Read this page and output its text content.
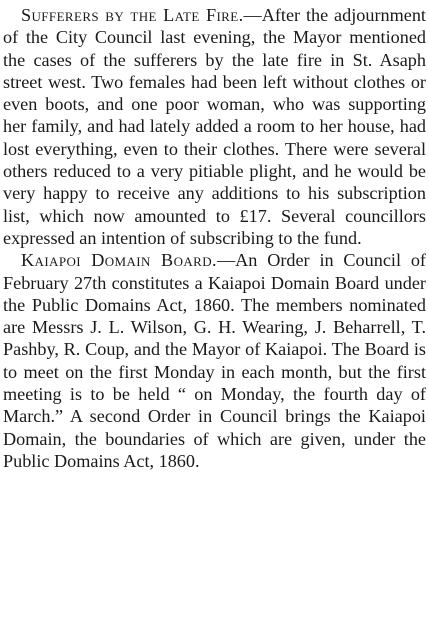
Sufferers by the Late Fire.—After the adjournment of the City Council last evening, the Mayor mentioned the cases of the sufferers by the late fire in St. Asaph street west. Two females had been left without clothes or even boots, and one poor woman, who was supporting her family, and had lately added a room to her house, had lost everything, even to their clothes. There were several others reduced to a very pitiable plight, and he would be very happy to receive any additions to his subscription list, which now amounted to £17. Several councillors expressed an intention of subscribing to the fund.

Kaiapoi Domain Board.—An Order in Council of February 27th constitutes a Kaiapoi Domain Board under the Public Domains Act, 1860. The members nominated are Messrs J. L. Wilson, G. H. Wearing, J. Beharrell, T. Pashby, R. Coup, and the Mayor of Kaiapoi. The Board is to meet on the first Monday in each month, but the first meeting is to be held “ on Monday, the fourth day of March.” A second Order in Council brings the Kaiapoi Domain, the boundaries of which are given, under the Public Domains Act, 1860.
